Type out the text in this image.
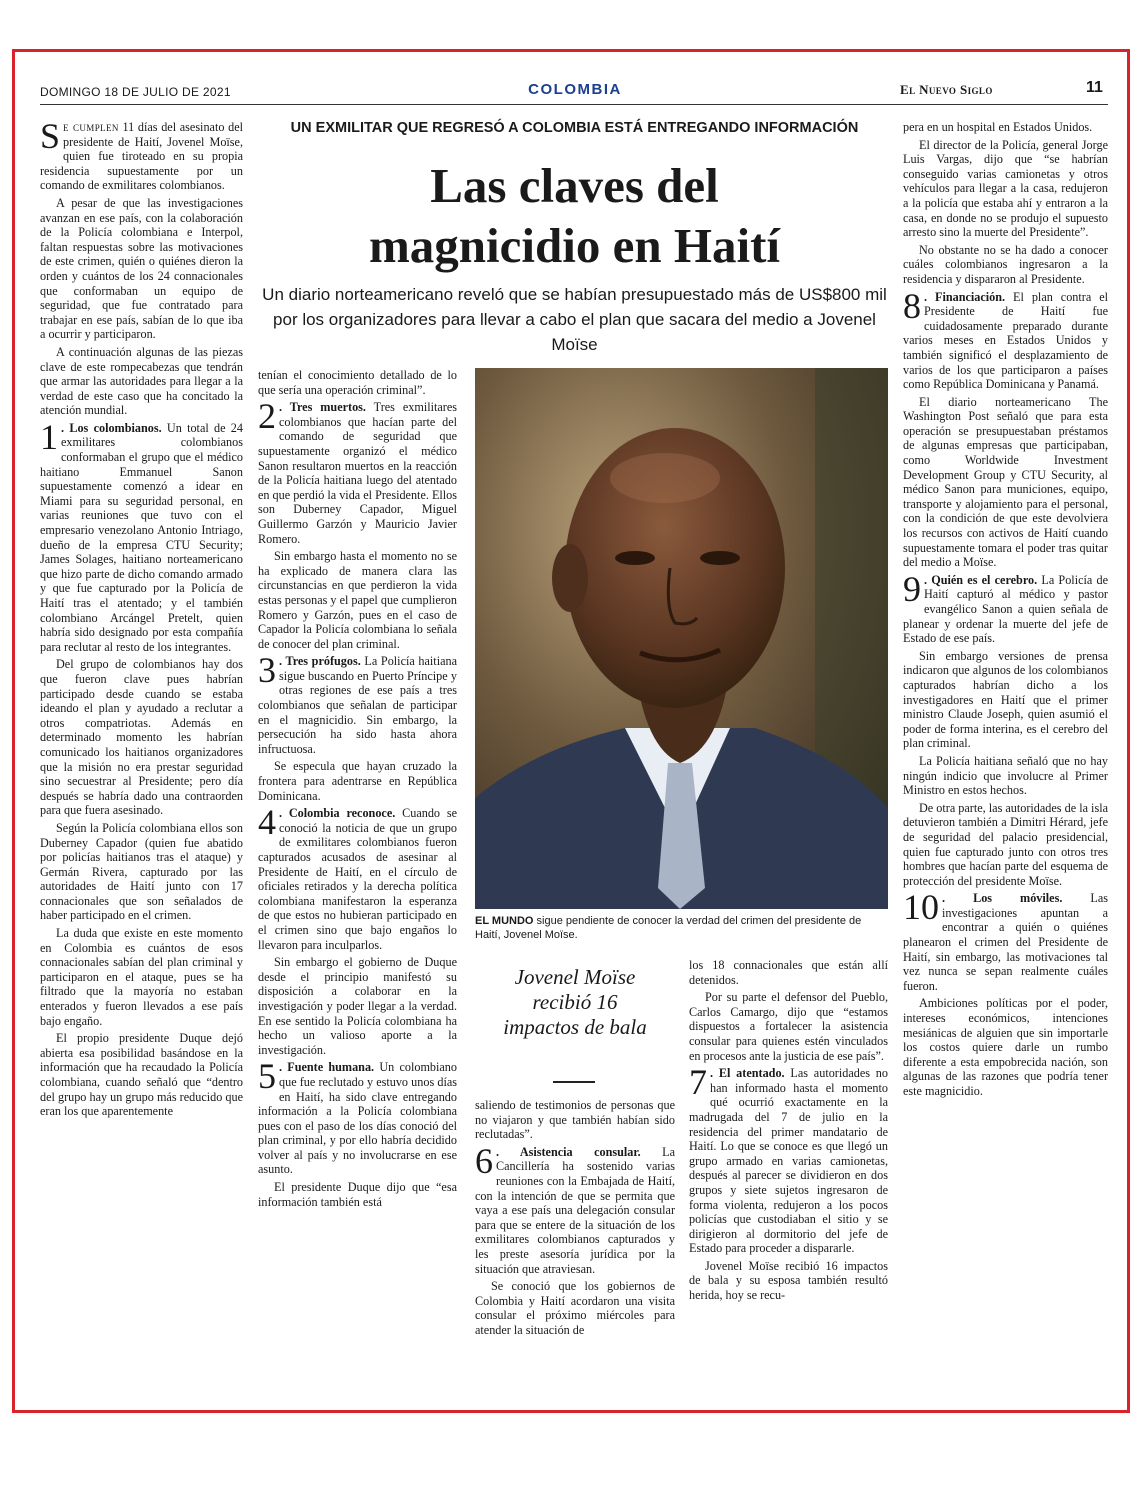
DOMINGO 18 DE JULIO DE 2021	COLOMBIA	El Nuevo Siglo	11
UN EXMILITAR QUE REGRESÓ A COLOMBIA ESTÁ ENTREGANDO INFORMACIÓN
Las claves del
magnicidio en Haití
Un diario norteamericano reveló que se habían presupuestado más de US$800 mil por los organizadores para llevar a cabo el plan que sacara del medio a Jovenel Moïse

Se cumplen 11 días del asesinato del presidente de Haití, Jovenel Moïse, quien fue tiroteado en su propia residencia supuestamente por un comando de exmilitares colombianos.

A pesar de que las investigaciones avanzan en ese país, con la colaboración de la Policía colombiana e Interpol, faltan respuestas sobre las motivaciones de este crimen, quién o quiénes dieron la orden y cuántos de los 24 connacionales que conformaban un equipo de seguridad, que fue contratado para trabajar en ese país, sabían de lo que iba a ocurrir y participaron.

A continuación algunas de las piezas clave de este rompecabezas que tendrán que armar las autoridades para llegar a la verdad de este caso que ha concitado la atención mundial.

1 . Los colombianos. Un total de 24 exmilitares colombianos conformaban el grupo que el médico haitiano Emmanuel Sanon supuestamente comenzó a idear en Miami para su seguridad personal, en varias reuniones que tuvo con el empresario venezolano Antonio Intriago, dueño de la empresa CTU Security; James Solages, haitiano norteamericano que hizo parte de dicho comando armado y que fue capturado por la Policía de Haití tras el atentado; y el también colombiano Arcángel Pretelt, quien habría sido designado por esta compañía para reclutar al resto de los integrantes.

Del grupo de colombianos hay dos que fueron clave pues habrían participado desde cuando se estaba ideando el plan y ayudado a reclutar a otros compatriotas. Además en determinado momento les habrían comunicado los haitianos organizadores que la misión no era prestar seguridad sino secuestrar al Presidente; pero día después se habría dado una contraorden para que fuera asesinado.

Según la Policía colombiana ellos son Duberney Capador (quien fue abatido por policías haitianos tras el ataque) y Germán Rivera, capturado por las autoridades de Haití junto con 17 connacionales que son señalados de haber participado en el crimen.

La duda que existe en este momento en Colombia es cuántos de esos connacionales sabían del plan criminal y participaron en el ataque, pues se ha filtrado que la mayoría no estaban enterados y fueron llevados a ese país bajo engaño.

El propio presidente Duque dejó abierta esa posibilidad basándose en la información que ha recaudado la Policía colombiana, cuando señaló que “dentro del grupo hay un grupo más reducido que eran los que aparentemente

tenían el conocimiento detallado de lo que sería una operación criminal”.

2 . Tres muertos. Tres exmilitares colombianos que hacían parte del comando de seguridad que supuestamente organizó el médico Sanon resultaron muertos en la reacción de la Policía haitiana luego del atentado en que perdió la vida el Presidente. Ellos son Duberney Capador, Miguel Guillermo Garzón y Mauricio Javier Romero.

Sin embargo hasta el momento no se ha explicado de manera clara las circunstancias en que perdieron la vida estas personas y el papel que cumplieron Romero y Garzón, pues en el caso de Capador la Policía colombiana lo señala de conocer del plan criminal.

3 . Tres prófugos. La Policía haitiana sigue buscando en Puerto Príncipe y otras regiones de ese país a tres colombianos que señalan de participar en el magnicidio. Sin embargo, la persecución ha sido hasta ahora infructuosa.

Se especula que hayan cruzado la frontera para adentrarse en República Dominicana.

4 . Colombia reconoce. Cuando se conoció la noticia de que un grupo de exmilitares colombianos fueron capturados acusados de asesinar al Presidente de Haití, en el círculo de oficiales retirados y la derecha política colombiana manifestaron la esperanza de que estos no hubieran participado en el crimen sino que bajo engaños lo llevaron para inculparlos.

Sin embargo el gobierno de Duque desde el principio manifestó su disposición a colaborar en la investigación y poder llegar a la verdad. En ese sentido la Policía colombiana ha hecho un valioso aporte a la investigación.

5 . Fuente humana. Un colombiano que fue reclutado y estuvo unos días en Haití, ha sido clave entregando información a la Policía colombiana pues con el paso de los días conoció del plan criminal, y por ello habría decidido volver al país y no involucrarse en ese asunto.

El presidente Duque dijo que “esa información también está

EL MUNDO sigue pendiente de conocer la verdad del crimen del presidente de Haití, Jovenel Moïse.
Jovenel Moïse recibió 16 impactos de bala

saliendo de testimonios de personas que no viajaron y que también habían sido reclutadas”.

6 . Asistencia consular. La Cancillería ha sostenido varias reuniones con la Embajada de Haití, con la intención de que se permita que vaya a ese país una delegación consular para que se entere de la situación de los exmilitares colombianos capturados y les preste asesoría jurídica por la situación que atraviesan.

Se conoció que los gobiernos de Colombia y Haití acordaron una visita consular el próximo miércoles para atender la situación de

los 18 connacionales que están allí detenidos.

Por su parte el defensor del Pueblo, Carlos Camargo, dijo que “estamos dispuestos a fortalecer la asistencia consular para quienes estén vinculados en procesos ante la justicia de ese país”.

7 . El atentado. Las autoridades no han informado hasta el momento qué ocurrió exactamente en la madrugada del 7 de julio en la residencia del primer mandatario de Haití. Lo que se conoce es que llegó un grupo armado en varias camionetas, después al parecer se dividieron en dos grupos y siete sujetos ingresaron de forma violenta, redujeron a los pocos policías que custodiaban el sitio y se dirigieron al dormitorio del jefe de Estado para proceder a dispararle.

Jovenel Moïse recibió 16 impactos de bala y su esposa también resultó herida, hoy se recu-

pera en un hospital en Estados Unidos.

El director de la Policía, general Jorge Luis Vargas, dijo que “se habrían conseguido varias camionetas y otros vehículos para llegar a la casa, redujeron a la policía que estaba ahí y entraron a la casa, en donde no se produjo el supuesto arresto sino la muerte del Presidente”.

No obstante no se ha dado a conocer cuáles colombianos ingresaron a la residencia y dispararon al Presidente.

8 . Financiación. El plan contra el Presidente de Haití fue cuidadosamente preparado durante varios meses en Estados Unidos y también significó el desplazamiento de varios de los que participaron a países como República Dominicana y Panamá.

El diario norteamericano The Washington Post señaló que para esta operación se presupuestaban préstamos de algunas empresas que participaban, como Worldwide Investment Development Group y CTU Security, al médico Sanon para municiones, equipo, transporte y alojamiento para el personal, con la condición de que este devolviera los recursos con activos de Haití cuando supuestamente tomara el poder tras quitar del medio a Moïse.

9 . Quién es el cerebro. La Policía de Haití capturó al médico y pastor evangélico Sanon a quien señala de planear y ordenar la muerte del jefe de Estado de ese país.

Sin embargo versiones de prensa indicaron que algunos de los colombianos capturados habrían dicho a los investigadores en Haití que el primer ministro Claude Joseph, quien asumió el poder de forma interina, es el cerebro del plan criminal.

La Policía haitiana señaló que no hay ningún indicio que involucre al Primer Ministro en estos hechos.

De otra parte, las autoridades de la isla detuvieron también a Dimitri Hérard, jefe de seguridad del palacio presidencial, quien fue capturado junto con otros tres hombres que hacían parte del esquema de protección del presidente Moïse.

10 . Los móviles. Las investigaciones apuntan a encontrar a quién o quiénes planearon el crimen del Presidente de Haití, sin embargo, las motivaciones tal vez nunca se sepan realmente cuáles fueron.

Ambiciones políticas por el poder, intereses económicos, intenciones mesiánicas de alguien que sin importarle los costos quiere darle un rumbo diferente a esta empobrecida nación, son algunas de las razones que podría tener este magnicidio.
